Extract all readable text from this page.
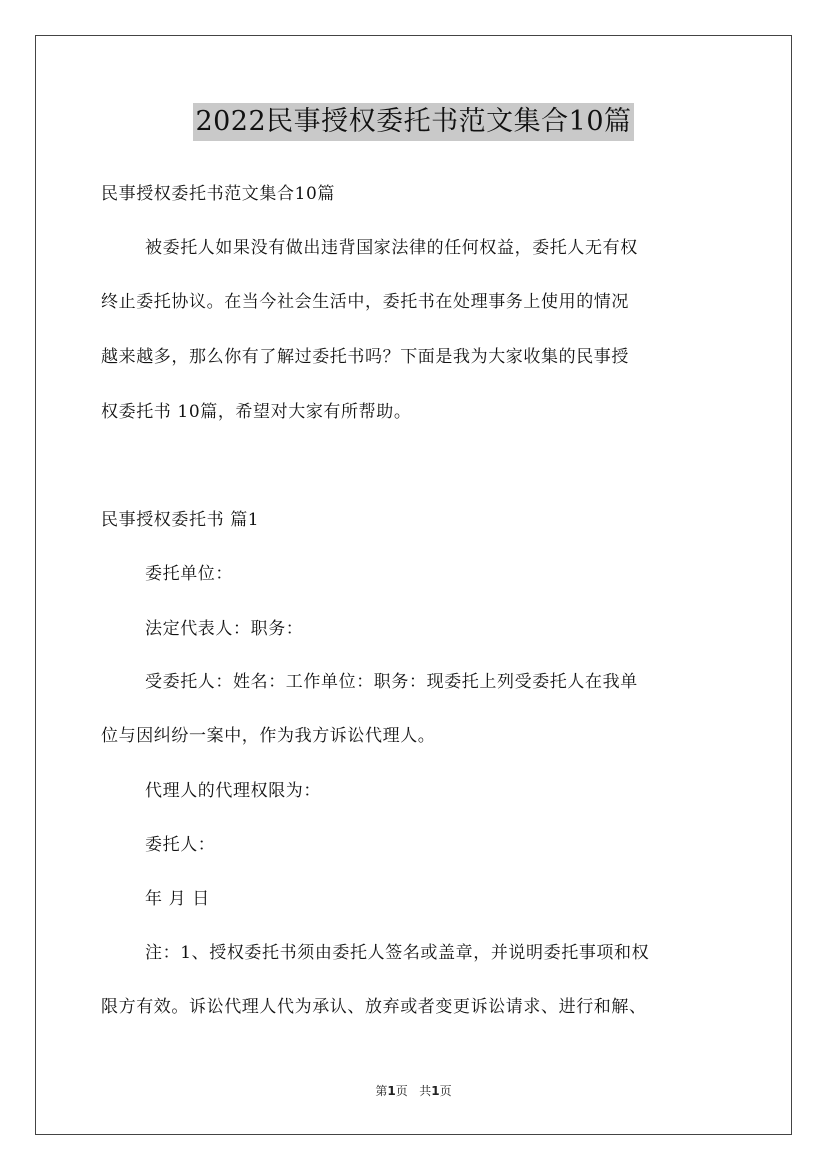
2022民事授权委托书范文集合10篇
民事授权委托书范文集合10篇
被委托人如果没有做出违背国家法律的任何权益，委托人无有权
终止委托协议。在当今社会生活中，委托书在处理事务上使用的情况
越来越多，那么你有了解过委托书吗？下面是我为大家收集的民事授
权委托书 10篇，希望对大家有所帮助。
民事授权委托书 篇1
委托单位：
法定代表人：职务：
受委托人：姓名：工作单位：职务：现委托上列受委托人在我单
位与因纠纷一案中，作为我方诉讼代理人。
代理人的代理权限为：
委托人：
年 月 日
注：1、授权委托书须由委托人签名或盖章，并说明委托事项和权
限方有效。诉讼代理人代为承认、放弃或者变更诉讼请求、进行和解、
第1页 共1页
